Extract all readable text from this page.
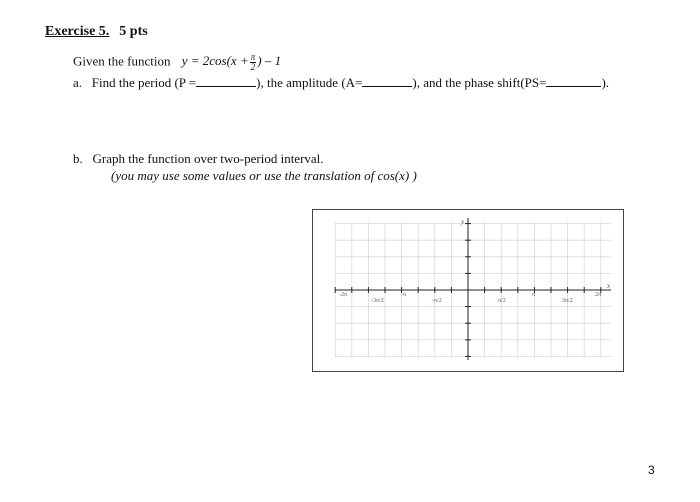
Exercise 5. 5 pts
Given the function $y = 2\cos(x + \frac{\pi}{2}$ ) – 1
a. Find the period (P =	), the amplitude (A=	), and the phase shift(PS=	).
b. Graph the function over two-period interval.
(you may use some values or use the translation of cos(x) )
y
x
-2π
-3π/2
-π
-π/2	π/2
π
3π/2
2π
3
